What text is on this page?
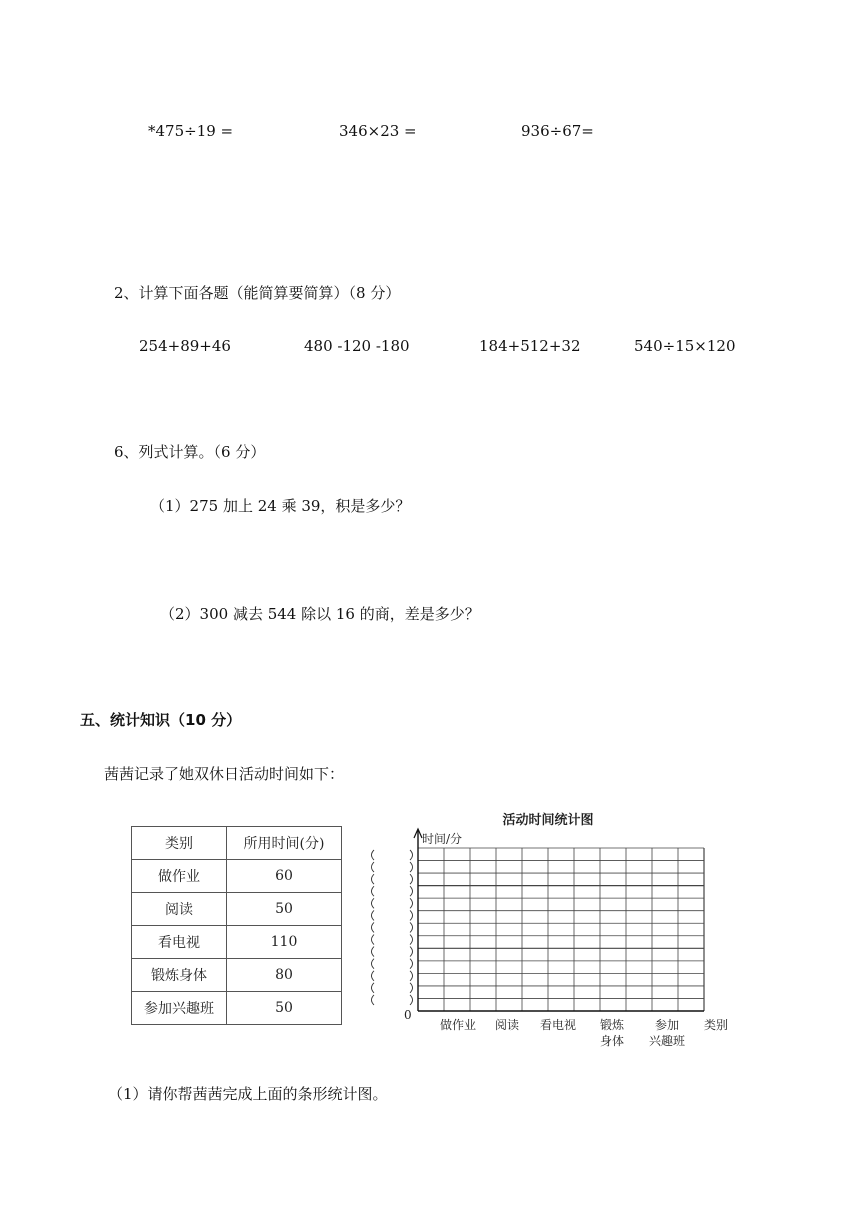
*475÷19 =	346×23 =	936÷67=
2、计算下面各题（能简算要简算）（8 分）
254+89+46	480 -120 -180	184+512+32	540÷15×120
6、列式计算。（6 分）
（1）275 加上 24 乘 39，积是多少？
（2）300 减去 544 除以 16 的商，差是多少？
五、统计知识（10 分）
茜茜记录了她双休日活动时间如下：
类别	所用时间(分)
做作业	60
阅读	50
看电视	110
锻炼身体	80
参加兴趣班	50
活动时间统计图
时间/分
0
类别
做作业 阅读 看电视 锻炼
身体
参加
兴趣班
（1）请你帮茜茜完成上面的条形统计图。
